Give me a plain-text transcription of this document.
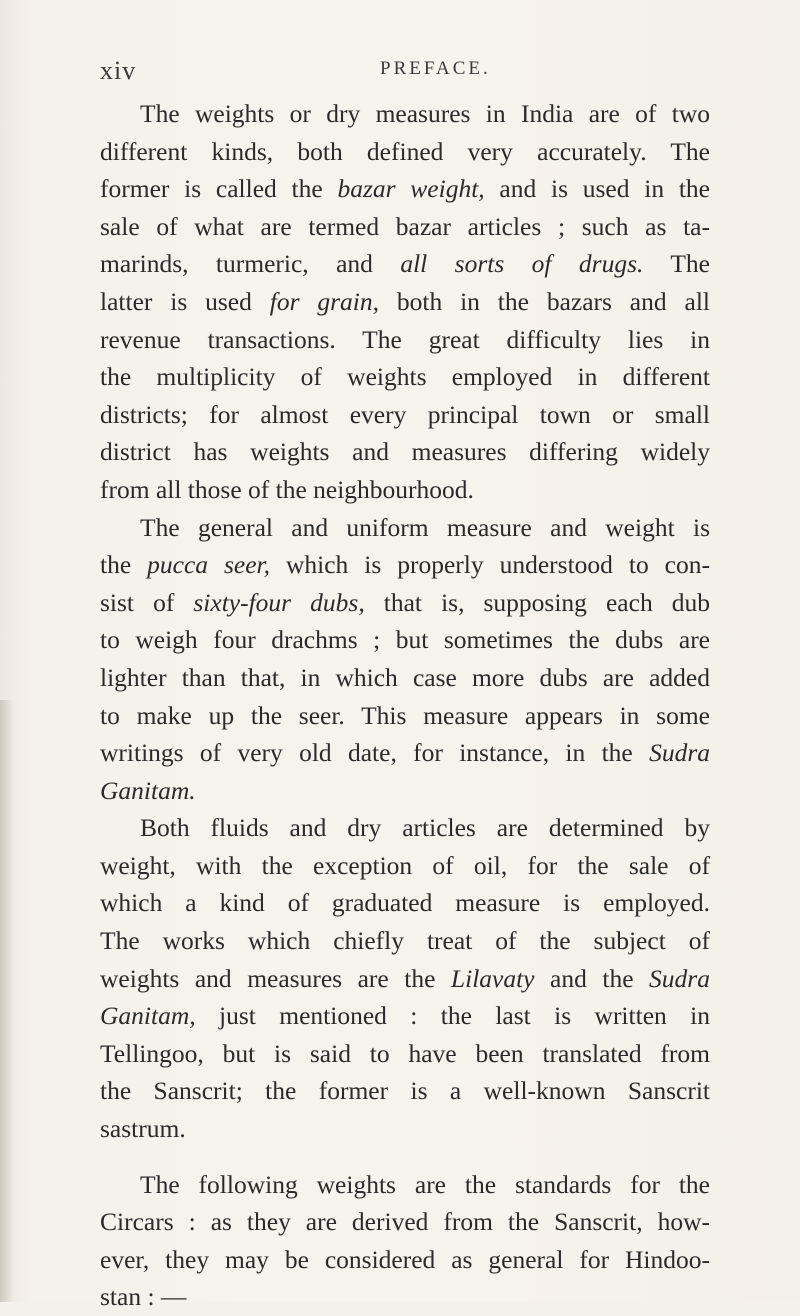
xiv	PREFACE.
The weights or dry measures in India are of two
different kinds, both defined very accurately. The
former is called the bazar weight, and is used in the
sale of what are termed bazar articles ; such as ta-
marinds, turmeric, and all sorts of drugs. The
latter is used for grain, both in the bazars and all
revenue transactions. The great difficulty lies in
the multiplicity of weights employed in different
districts; for almost every principal town or small
district has weights and measures differing widely
from all those of the neighbourhood.
The general and uniform measure and weight is
the pucca seer, which is properly understood to con-
sist of sixty-four dubs, that is, supposing each dub
to weigh four drachms ; but sometimes the dubs are
lighter than that, in which case more dubs are added
to make up the seer. This measure appears in some
writings of very old date, for instance, in the Sudra
Ganitam.
Both fluids and dry articles are determined by
weight, with the exception of oil, for the sale of
which a kind of graduated measure is employed.
The works which chiefly treat of the subject of
weights and measures are the Lilavaty and the Sudra
Ganitam, just mentioned : the last is written in
Tellingoo, but is said to have been translated from
the Sanscrit; the former is a well-known Sanscrit
sastrum.
The following weights are the standards for the
Circars : as they are derived from the Sanscrit, how-
ever, they may be considered as general for Hindoo-
stan : —
